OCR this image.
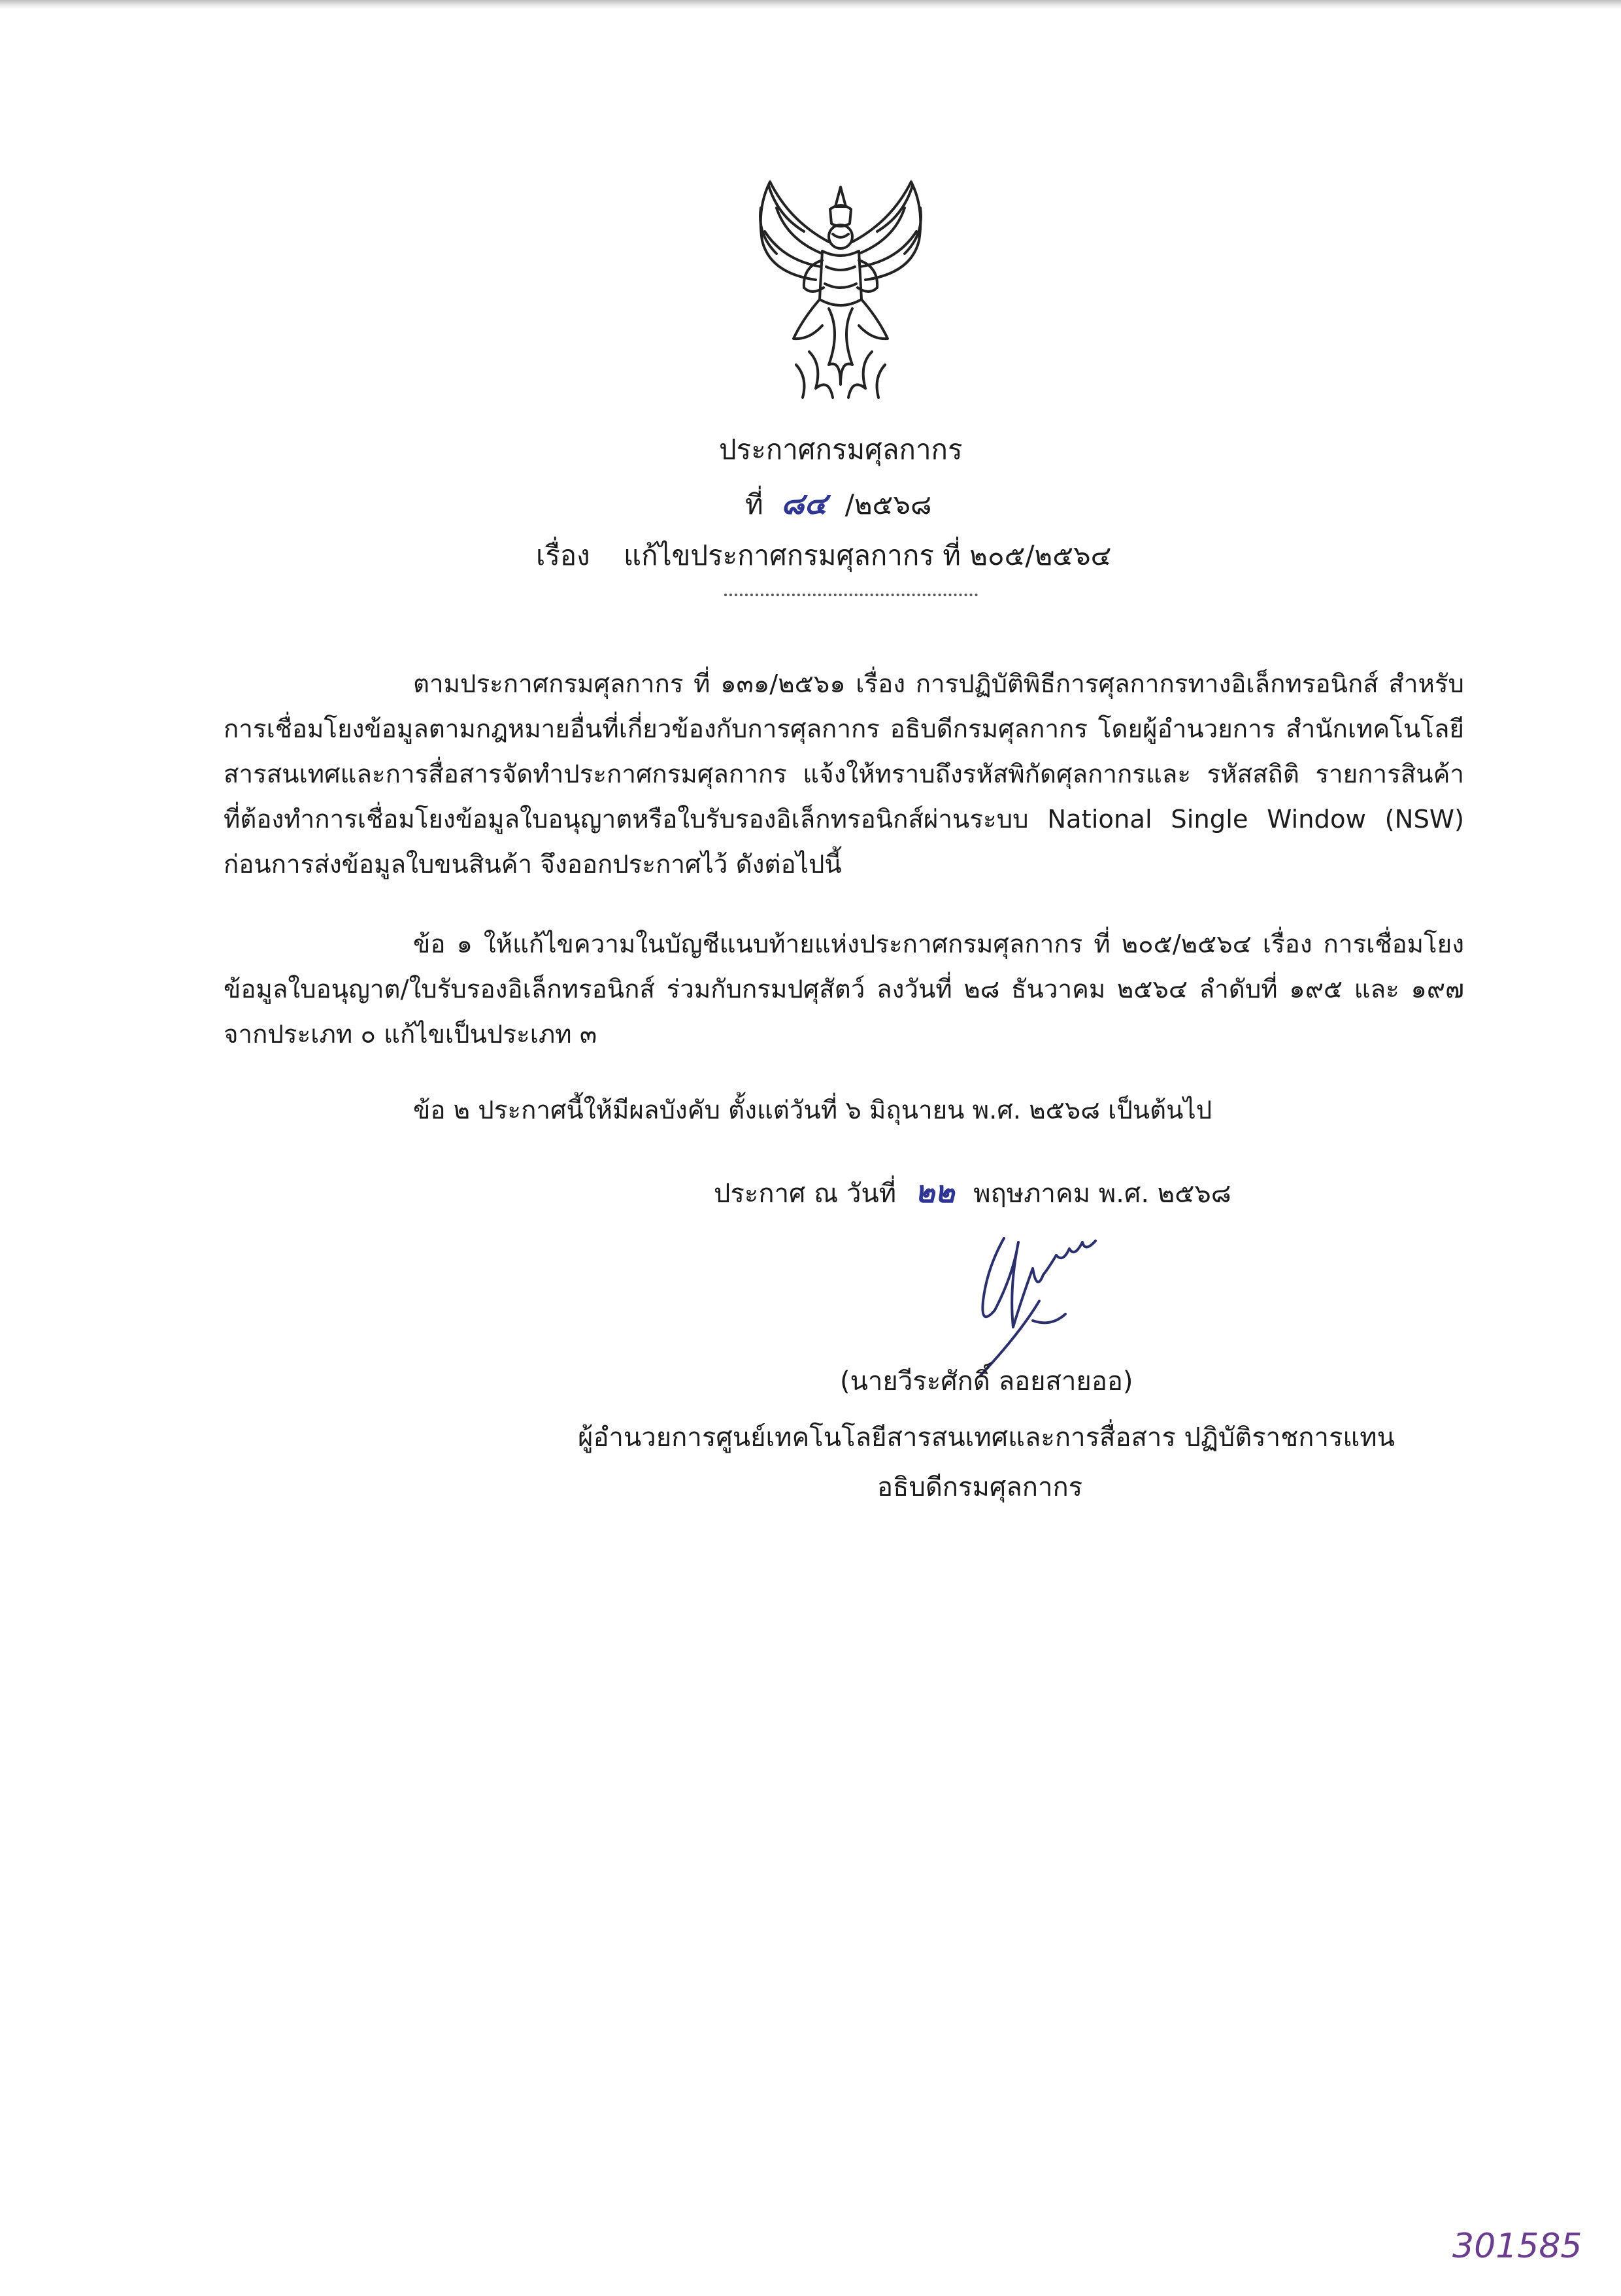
ประกาศกรมศุลกากร
ที่ ๘๔ /๒๕๖๘
เรื่อง แก้ไขประกาศกรมศุลกากร ที่ ๒๐๕/๒๕๖๔
ตามประกาศกรมศุลกากร ที่ ๑๓๑/๒๕๖๑ เรื่อง การปฏิบัติพิธีการศุลกากรทางอิเล็กทรอนิกส์ สำหรับการเชื่อมโยงข้อมูลตามกฎหมายอื่นที่เกี่ยวข้องกับการศุลกากร อธิบดีกรมศุลกากร โดยผู้อำนวยการ สำนักเทคโนโลยีสารสนเทศและการสื่อสารจัดทำประกาศกรมศุลกากร แจ้งให้ทราบถึงรหัสพิกัดศุลกากรและ รหัสสถิติ รายการสินค้า ที่ต้องทำการเชื่อมโยงข้อมูลใบอนุญาตหรือใบรับรองอิเล็กทรอนิกส์ผ่านระบบ National Single Window (NSW) ก่อนการส่งข้อมูลใบขนสินค้า จึงออกประกาศไว้ ดังต่อไปนี้
ข้อ ๑ ให้แก้ไขความในบัญชีแนบท้ายแห่งประกาศกรมศุลกากร ที่ ๒๐๕/๒๕๖๔ เรื่อง การเชื่อมโยง ข้อมูลใบอนุญาต/ใบรับรองอิเล็กทรอนิกส์ ร่วมกับกรมปศุสัตว์ ลงวันที่ ๒๘ ธันวาคม ๒๕๖๔ ลำดับที่ ๑๙๕ และ ๑๙๗ จากประเภท ๐ แก้ไขเป็นประเภท ๓
ข้อ ๒ ประกาศนี้ให้มีผลบังคับ ตั้งแต่วันที่ ๖ มิถุนายน พ.ศ. ๒๕๖๘ เป็นต้นไป
ประกาศ ณ วันที่ ๒๒ พฤษภาคม พ.ศ. ๒๕๖๘
(นายวีระศักดิ์ ลอยสายออ)
ผู้อำนวยการศูนย์เทคโนโลยีสารสนเทศและการสื่อสาร ปฏิบัติราชการแทน
อธิบดีกรมศุลกากร
301585
